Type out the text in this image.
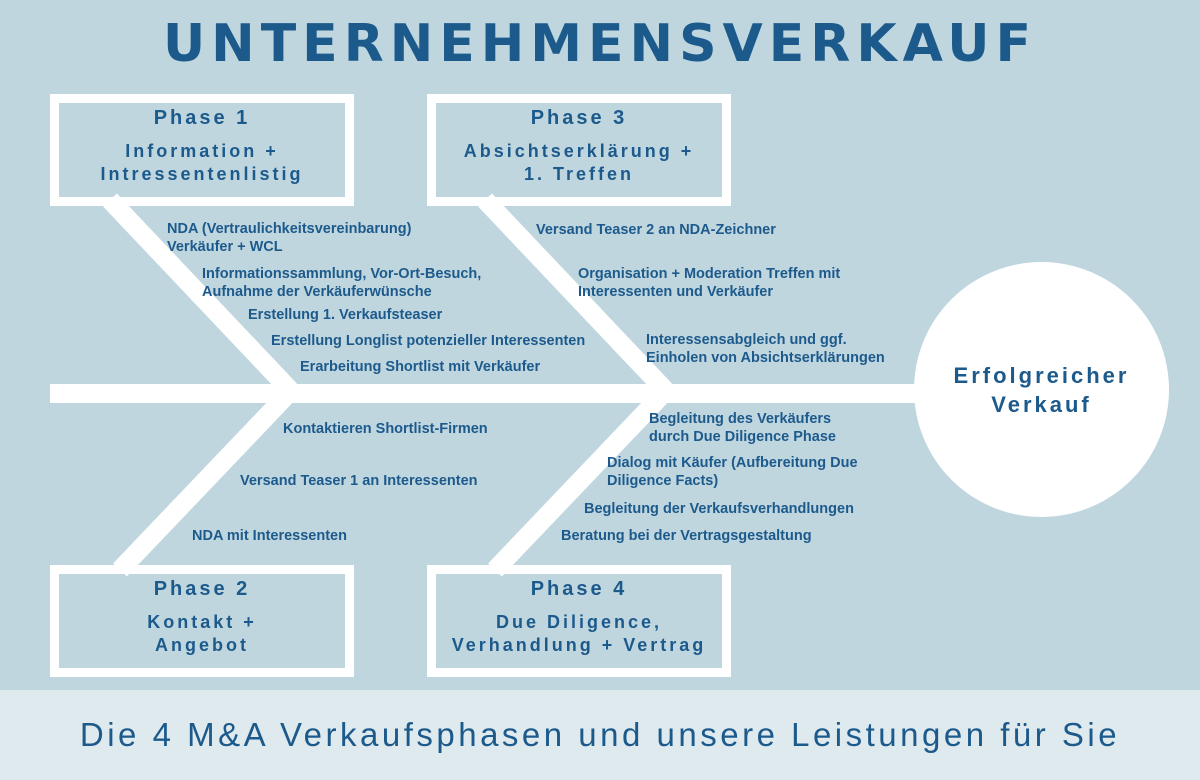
UNTERNEHMENSVERKAUF
Phase 1
Information +
Intressentenlistig
Phase 3
Absichtserklärung +
1. Treffen
Phase 2
Kontakt +
Angebot
Phase 4
Due Diligence,
Verhandlung + Vertrag
NDA (Vertraulichkeitsvereinbarung)
Verkäufer + WCL
Informationssammlung, Vor-Ort-Besuch,
Aufnahme der Verkäuferwünsche
Erstellung 1. Verkaufsteaser
Erstellung Longlist potenzieller Interessenten
Erarbeitung Shortlist mit Verkäufer
Versand Teaser 2 an NDA-Zeichner
Organisation + Moderation Treffen mit
Interessenten und Verkäufer
Interessensabgleich und ggf.
Einholen von Absichtserklärungen
Kontaktieren Shortlist-Firmen
Versand Teaser 1 an Interessenten
NDA mit Interessenten
Begleitung des Verkäufers
durch Due Diligence Phase
Dialog mit Käufer (Aufbereitung Due
Diligence Facts)
Begleitung der Verkaufsverhandlungen
Beratung bei der Vertragsgestaltung
Erfolgreicher
Verkauf
Die 4 M&A Verkaufsphasen und unsere Leistungen für Sie
